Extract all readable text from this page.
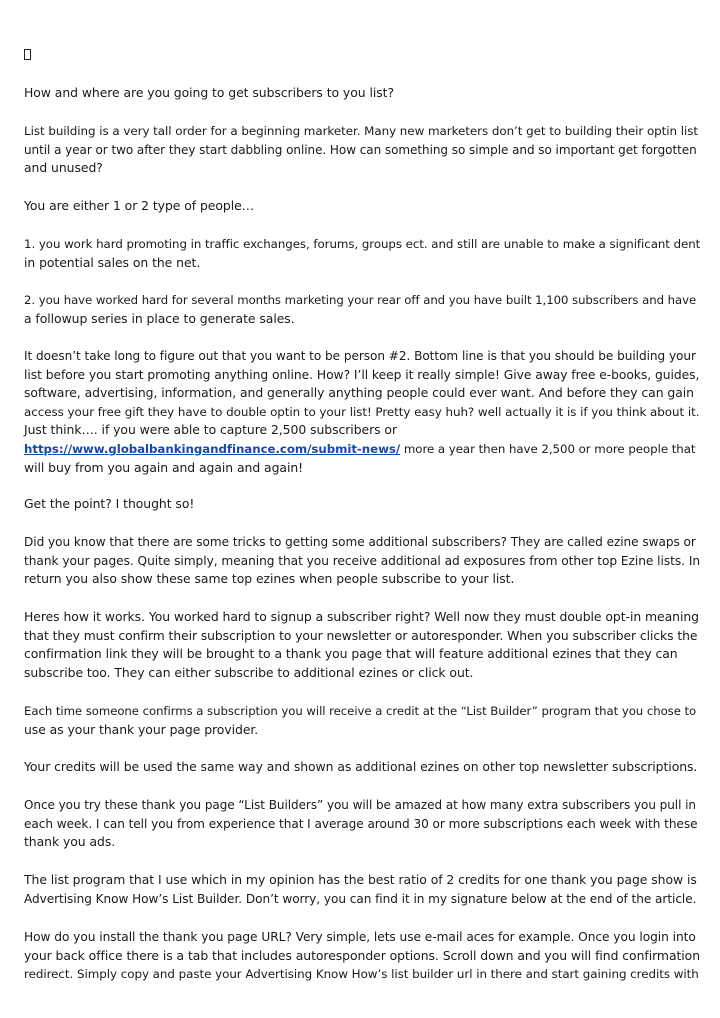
How and where are you going to get subscribers to you list?
List building is a very tall order for a beginning marketer. Many new marketers don’t get to building their optin list
until a year or two after they start dabbling online. How can something so simple and so important get forgotten
and unused?
You are either 1 or 2 type of people…
1. you work hard promoting in traffic exchanges, forums, groups ect. and still are unable to make a significant dent
in potential sales on the net.
2. you have worked hard for several months marketing your rear off and you have built 1,100 subscribers and have
a followup series in place to generate sales.
It doesn’t take long to figure out that you want to be person #2. Bottom line is that you should be building your
list before you start promoting anything online. How? I’ll keep it really simple! Give away free e-books, guides,
software, advertising, information, and generally anything people could ever want. And before they can gain
access your free gift they have to double optin to your list! Pretty easy huh? well actually it is if you think about it.
Just think…. if you were able to capture 2,500 subscribers or
https://www.globalbankingandfinance.com/submit-news/ more a year then have 2,500 or more people that
will buy from you again and again and again!
Get the point? I thought so!
Did you know that there are some tricks to getting some additional subscribers? They are called ezine swaps or
thank your pages. Quite simply, meaning that you receive additional ad exposures from other top Ezine lists. In
return you also show these same top ezines when people subscribe to your list.
Heres how it works. You worked hard to signup a subscriber right? Well now they must double opt-in meaning
that they must confirm their subscription to your newsletter or autoresponder. When you subscriber clicks the
confirmation link they will be brought to a thank you page that will feature additional ezines that they can
subscribe too. They can either subscribe to additional ezines or click out.
Each time someone confirms a subscription you will receive a credit at the “List Builder” program that you chose to
use as your thank your page provider.
Your credits will be used the same way and shown as additional ezines on other top newsletter subscriptions.
Once you try these thank you page “List Builders” you will be amazed at how many extra subscribers you pull in
each week. I can tell you from experience that I average around 30 or more subscriptions each week with these
thank you ads.
The list program that I use which in my opinion has the best ratio of 2 credits for one thank you page show is
Advertising Know How’s List Builder. Don’t worry, you can find it in my signature below at the end of the article.
How do you install the thank you page URL? Very simple, lets use e-mail aces for example. Once you login into
your back office there is a tab that includes autoresponder options. Scroll down and you will find confirmation
redirect. Simply copy and paste your Advertising Know How’s list builder url in there and start gaining credits with
